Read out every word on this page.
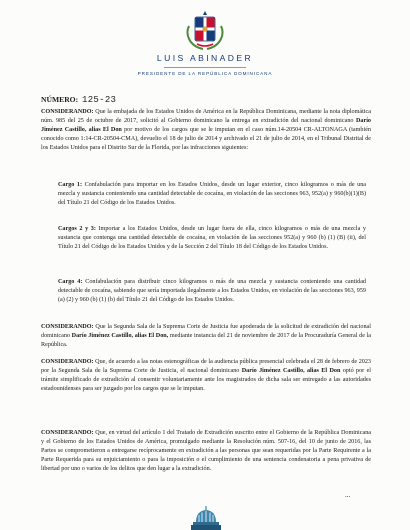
LUIS ABINADER
PRESIDENTE DE LA REPÚBLICA DOMINICANA
NÚMERO: 125-23

CONSIDERANDO: Que la embajada de los Estados Unidos de América en la República Dominicana, mediante la nota diplomática núm. 985 del 25 de octubre de 2017, solicitó al Gobierno dominicano la entrega en extradición del nacional dominicano Darío Jiménez Castillo, alias El Don por motivo de los cargos que se le imputan en el caso núm.14-20504 CR-ALTONAGA (también conocido como 1:14-CR-20504-CMA), devuelto el 18 de julio de 2014 y archivado el 21 de julio de 2014, en el Tribunal Distrital de los Estados Unidos para el Distrito Sur de la Florida, por las infracciones siguientes:

Cargo 1: Confabulación para importar en los Estados Unidos, desde un lugar exterior, cinco kilogramos o más de una mezcla y sustancia conteniendo una cantidad detectable de cocaína, en violación de las secciones 963, 952(a) y 960(b)(1)(B) del Título 21 del Código de los Estados Unidos.

Cargos 2 y 3: Importar a los Estados Unidos, desde un lugar fuera de ella, cinco kilogramos o más de una mezcla y sustancia que contenga una cantidad detectable de cocaína, en violación de las secciones 952(a) y 960 (b) (1) (B) (ii), del Título 21 del Código de los Estados Unidos y de la Sección 2 del Título 18 del Código de los Estados Unidos.

Cargo 4: Confabulación para distribuir cinco kilogramos o más de una mezcla y sustancia conteniendo una cantidad detectable de cocaína, sabiendo que sería importada ilegalmente a los Estados Unidos, en violación de las secciones 963, 959 (a) (2) y 960 (b) (1) (b) del Título 21 del Código de los Estados Unidos.

CONSIDERANDO: Que la Segunda Sala de la Suprema Corte de Justicia fue apoderada de la solicitud de extradición del nacional dominicano Darío Jiménez Castillo, alias El Don, mediante instancia del 21 de noviembre de 2017 de la Procuraduría General de la República.

CONSIDERANDO: Que, de acuerdo a las notas estenográficas de la audiencia pública presencial celebrada el 28 de febrero de 2023 por la Segunda Sala de la Suprema Corte de Justicia, el nacional dominicano Darío Jiménez Castillo, alias El Don optó por el trámite simplificado de extradición al consentir voluntariamente ante los magistrados de dicha sala ser entregado a las autoridades estadounidenses para ser juzgado por los cargos que se le imputan.

CONSIDERANDO: Que, en virtud del artículo 1 del Tratado de Extradición suscrito entre el Gobierno de la República Dominicana y el Gobierno de los Estados Unidos de América, promulgado mediante la Resolución núm. 507-16, del 10 de junio de 2016, las Partes se comprometieron a entregarse recíprocamente en extradición a las personas que sean requeridas por la Parte Requirente a la Parte Requerida para su enjuiciamiento o para la imposición o el cumplimiento de una sentencia condenatoria a pena privativa de libertad por uno o varios de los delitos que den lugar a la extradición.

...
